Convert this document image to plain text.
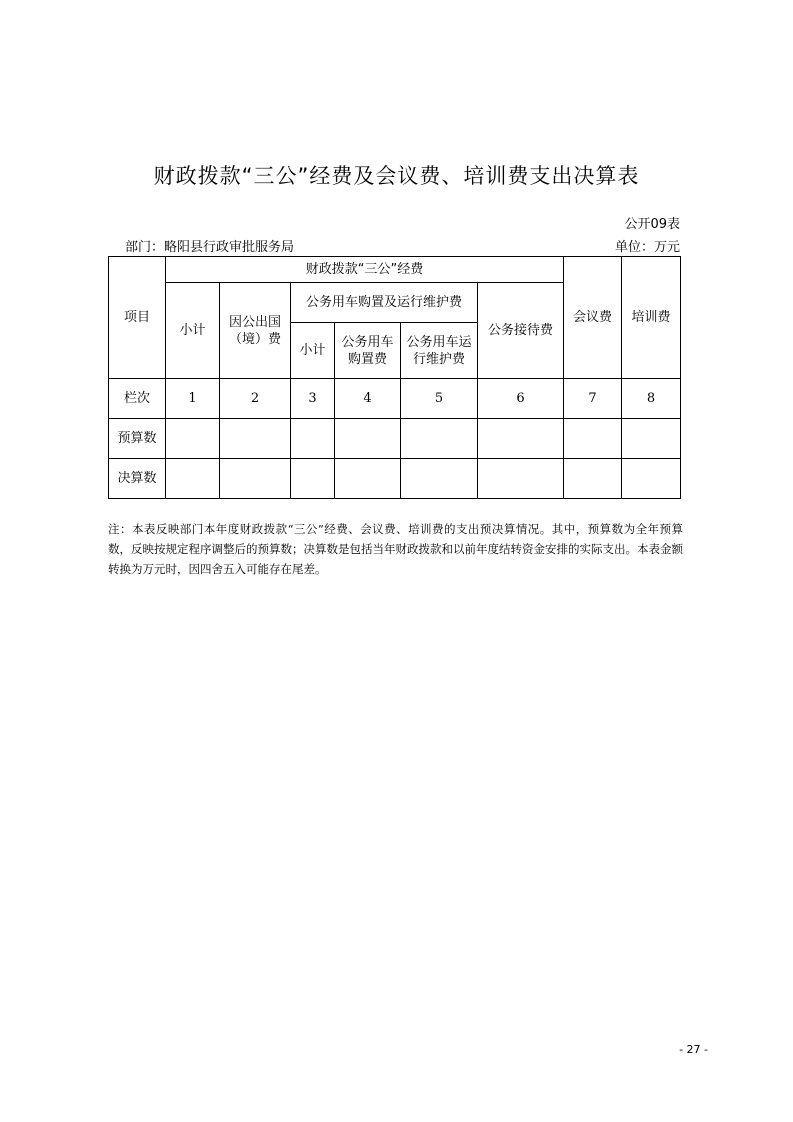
财政拨款“三公”经费及会议费、培训费支出决算表
公开09表
部门：略阳县行政审批服务局	单位：万元
项目	财政拨款“三公”经费						会议费	培训费
	小计	因公出国（境）费	公务用车购置及运行维护费			公务接待费		
			小计	公务用车购置费	公务用车运行维护费			

栏次	1	2	3	4	5	6	7	8
预算数								
决算数								
注：本表反映部门本年度财政拨款“三公”经费、会议费、培训费的支出预决算情况。其中，预算数为全年预算数，反映按规定程序调整后的预算数；决算数是包括当年财政拨款和以前年度结转资金安排的实际支出。本表金额转换为万元时，因四舍五入可能存在尾差。
- 27 -
